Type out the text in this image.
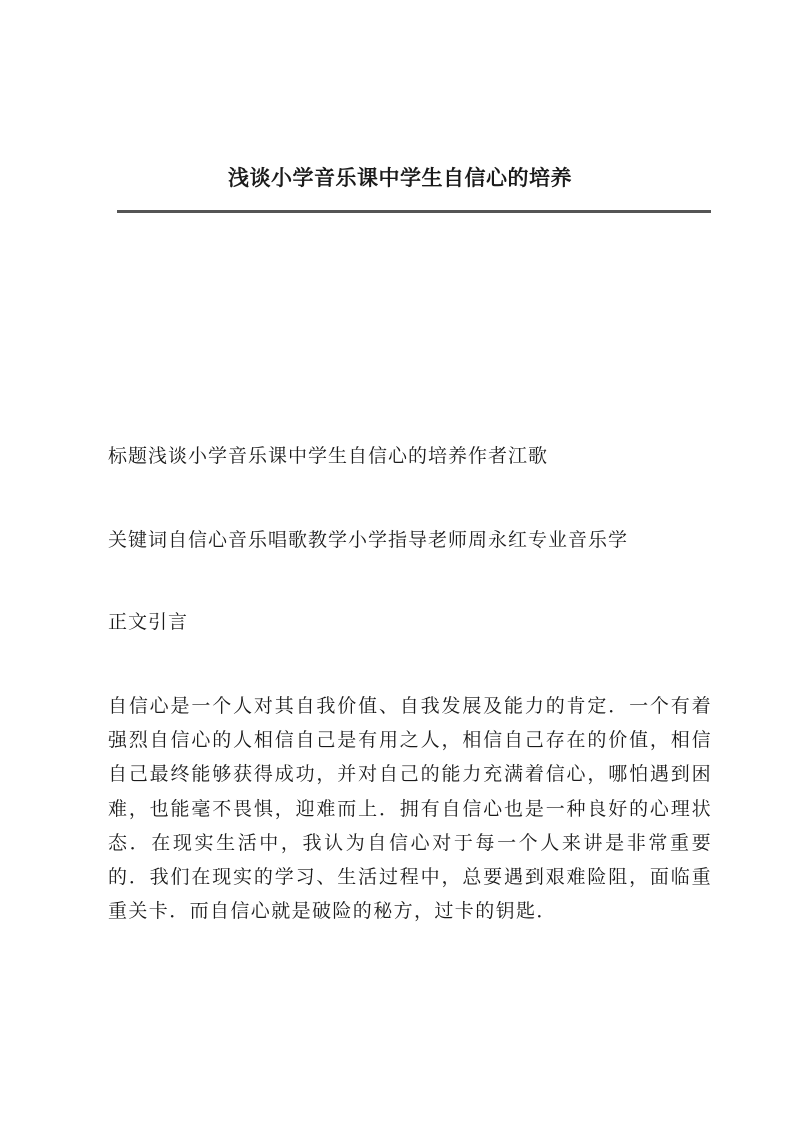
浅谈小学音乐课中学生自信心的培养

标题浅谈小学音乐课中学生自信心的培养作者江歌

关键词自信心音乐唱歌教学小学指导老师周永红专业音乐学

正文引言

自信心是一个人对其自我价值、自我发展及能力的肯定．一个有着强烈自信心的人相信自己是有用之人，相信自己存在的价值，相信自己最终能够获得成功，并对自己的能力充满着信心，哪怕遇到困难，也能毫不畏惧，迎难而上．拥有自信心也是一种良好的心理状态．在现实生活中，我认为自信心对于每一个人来讲是非常重要的．我们在现实的学习、生活过程中，总要遇到艰难险阻，面临重重关卡．而自信心就是破险的秘方，过卡的钥匙．
